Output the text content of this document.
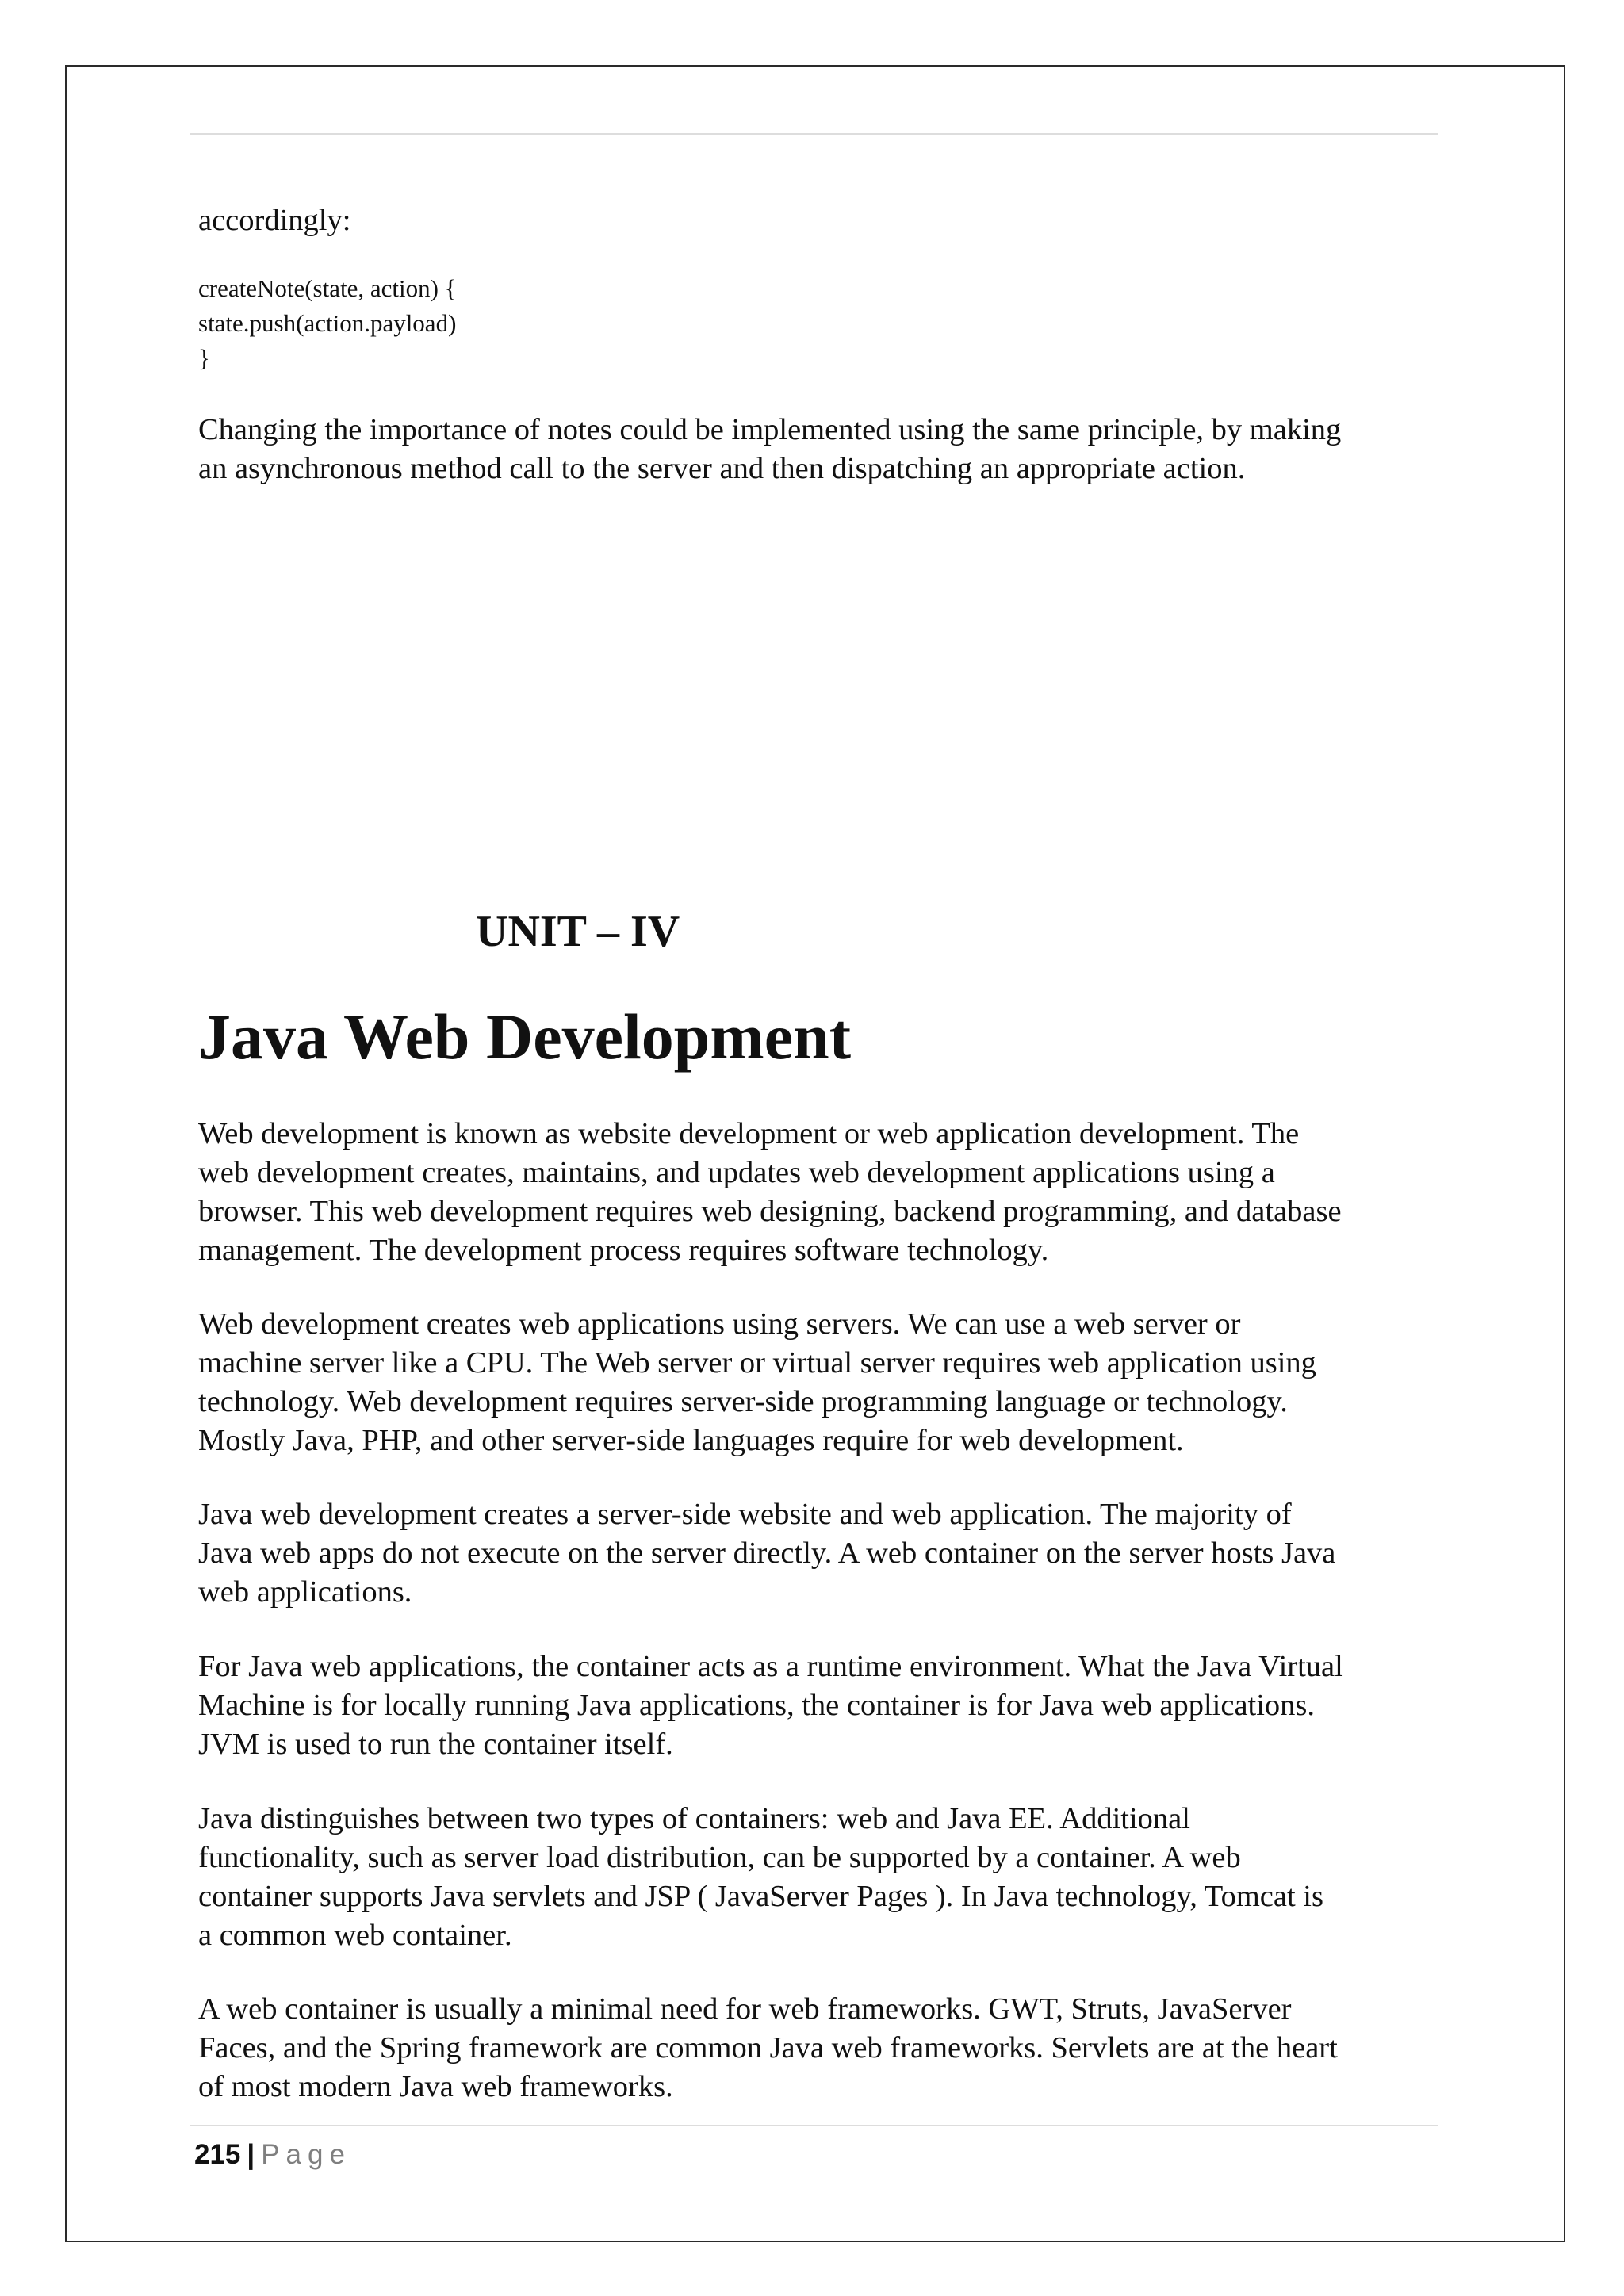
accordingly:

createNote(state, action) {
state.push(action.payload)
}

Changing the importance of notes could be implemented using the same principle, by making
an asynchronous method call to the server and then dispatching an appropriate action.

UNIT – IV
Java Web Development

Web development is known as website development or web application development. The
web development creates, maintains, and updates web development applications using a
browser. This web development requires web designing, backend programming, and database
management. The development process requires software technology.

Web development creates web applications using servers. We can use a web server or
machine server like a CPU. The Web server or virtual server requires web application using
technology. Web development requires server-side programming language or technology.
Mostly Java, PHP, and other server-side languages require for web development.

Java web development creates a server-side website and web application. The majority of
Java web apps do not execute on the server directly. A web container on the server hosts Java
web applications.

For Java web applications, the container acts as a runtime environment. What the Java Virtual
Machine is for locally running Java applications, the container is for Java web applications.
JVM is used to run the container itself.

Java distinguishes between two types of containers: web and Java EE. Additional
functionality, such as server load distribution, can be supported by a container. A web
container supports Java servlets and JSP ( JavaServer Pages ). In Java technology, Tomcat is
a common web container.

A web container is usually a minimal need for web frameworks. GWT, Struts, JavaServer
Faces, and the Spring framework are common Java web frameworks. Servlets are at the heart
of most modern Java web frameworks.

215 | Page
